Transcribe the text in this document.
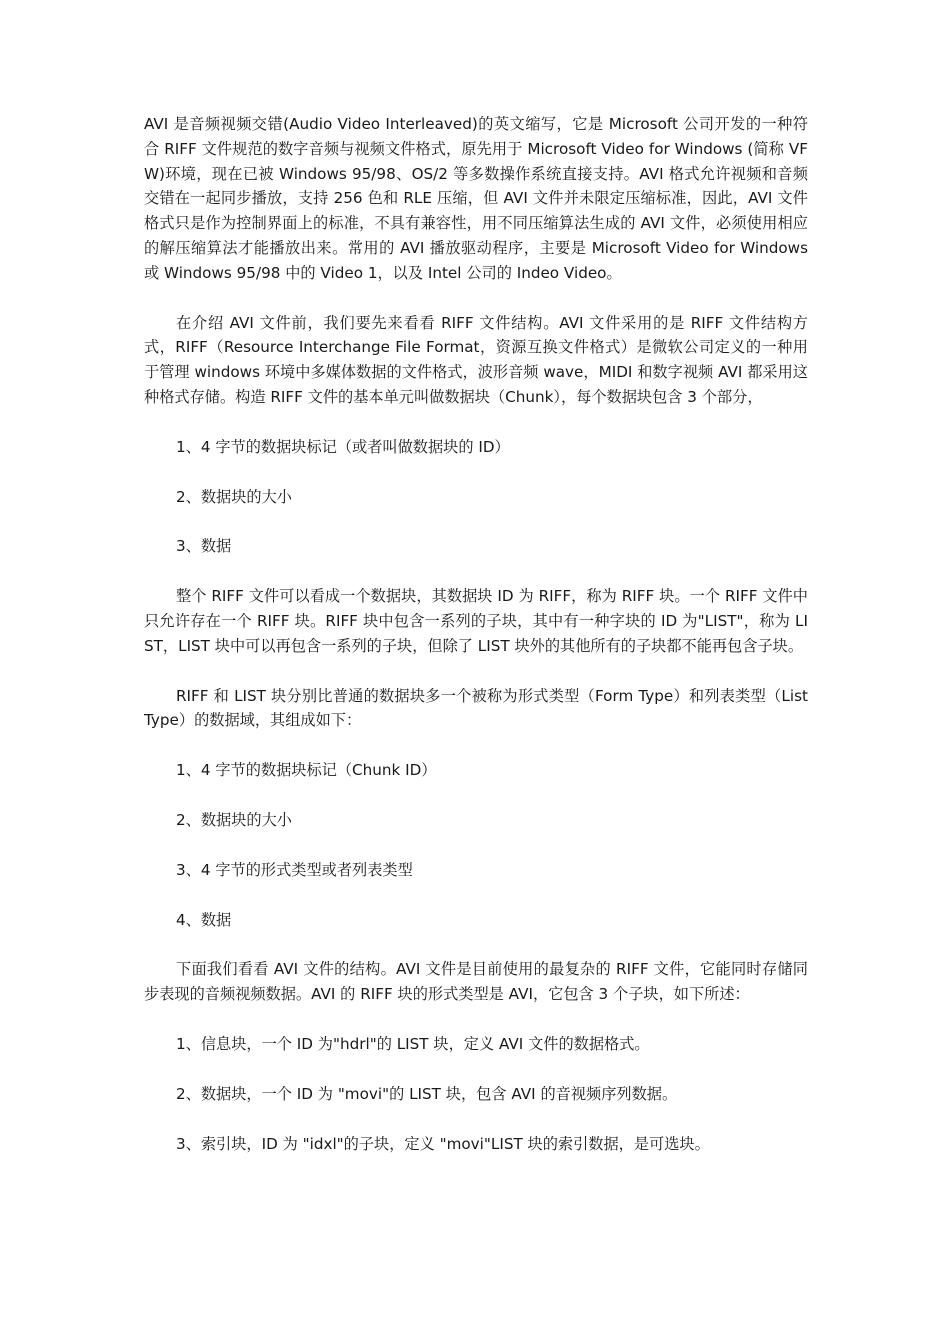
AVI 是音频视频交错(Audio Video Interleaved)的英文缩写，它是 Microsoft 公司开发的一种符合 RIFF 文件规范的数字音频与视频文件格式，原先用于 Microsoft Video for Windows (简称 VFW)环境，现在已被 Windows 95/98、OS/2 等多数操作系统直接支持。AVI 格式允许视频和音频交错在一起同步播放，支持 256 色和 RLE 压缩，但 AVI 文件并未限定压缩标准，因此，AVI 文件格式只是作为控制界面上的标准，不具有兼容性，用不同压缩算法生成的 AVI 文件，必须使用相应的解压缩算法才能播放出来。常用的 AVI 播放驱动程序，主要是 Microsoft Video for Windows 或 Windows 95/98 中的 Video 1，以及 Intel 公司的 Indeo Video。

在介绍 AVI 文件前，我们要先来看看 RIFF 文件结构。AVI 文件采用的是 RIFF 文件结构方式，RIFF（Resource Interchange File Format，资源互换文件格式）是微软公司定义的一种用于管理 windows 环境中多媒体数据的文件格式，波形音频 wave，MIDI 和数字视频 AVI 都采用这种格式存储。构造 RIFF 文件的基本单元叫做数据块（Chunk），每个数据块包含 3 个部分，

1、4 字节的数据块标记（或者叫做数据块的 ID）

2、数据块的大小

3、数据

整个 RIFF 文件可以看成一个数据块，其数据块 ID 为 RIFF，称为 RIFF 块。一个 RIFF 文件中只允许存在一个 RIFF 块。RIFF 块中包含一系列的子块，其中有一种字块的 ID 为"LIST"，称为 LIST，LIST 块中可以再包含一系列的子块，但除了 LIST 块外的其他所有的子块都不能再包含子块。

RIFF 和 LIST 块分别比普通的数据块多一个被称为形式类型（Form Type）和列表类型（List Type）的数据域，其组成如下：

1、4 字节的数据块标记（Chunk ID）

2、数据块的大小

3、4 字节的形式类型或者列表类型

4、数据

下面我们看看 AVI 文件的结构。AVI 文件是目前使用的最复杂的 RIFF 文件，它能同时存储同步表现的音频视频数据。AVI 的 RIFF 块的形式类型是 AVI，它包含 3 个子块，如下所述：

1、信息块，一个 ID 为"hdrl"的 LIST 块，定义 AVI 文件的数据格式。

2、数据块，一个 ID 为 "movi"的 LIST 块，包含 AVI 的音视频序列数据。

3、索引块，ID 为 "idxl"的子块，定义 "movi"LIST 块的索引数据，是可选块。
